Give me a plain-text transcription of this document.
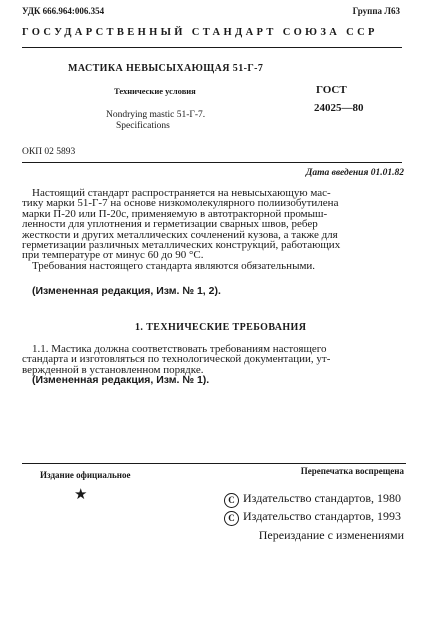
УДК 666.964:006.354	Группа Л63
ГОСУДАРСТВЕННЫЙ СТАНДАРТ СОЮЗА ССР
МАСТИКА НЕВЫСЫХАЮЩАЯ 51-Г-7
Технические условия
Nondrying mastic 51-Г-7.
Specifications
ГОСТ
24025—80
ОКП 02 5893
Дата введения 01.01.82
Настоящий стандарт распространяется на невысыхающую мас-
тику марки 51-Г-7 на основе низкомолекулярного полиизобутилена
марки П-20 или П-20с, применяемую в автотракторной промыш-
ленности для уплотнения и герметизации сварных швов, ребер
жесткости и других металлических сочленений кузова, а также для
герметизации различных металлических конструкций, работающих
при температуре от минус 60 до 90 °С.
Требования настоящего стандарта являются обязательными.
(Измененная редакция, Изм. № 1, 2).
1. ТЕХНИЧЕСКИЕ ТРЕБОВАНИЯ
1.1. Мастика должна соответствовать требованиям настоящего
стандарта и изготовляться по технологической документации, ут-
вержденной в установленном порядке.
(Измененная редакция, Изм. № 1).
Издание официальное	Перепечатка воспрещена
★	C Издательство стандартов, 1980
C Издательство стандартов, 1993
Переиздание с изменениями
